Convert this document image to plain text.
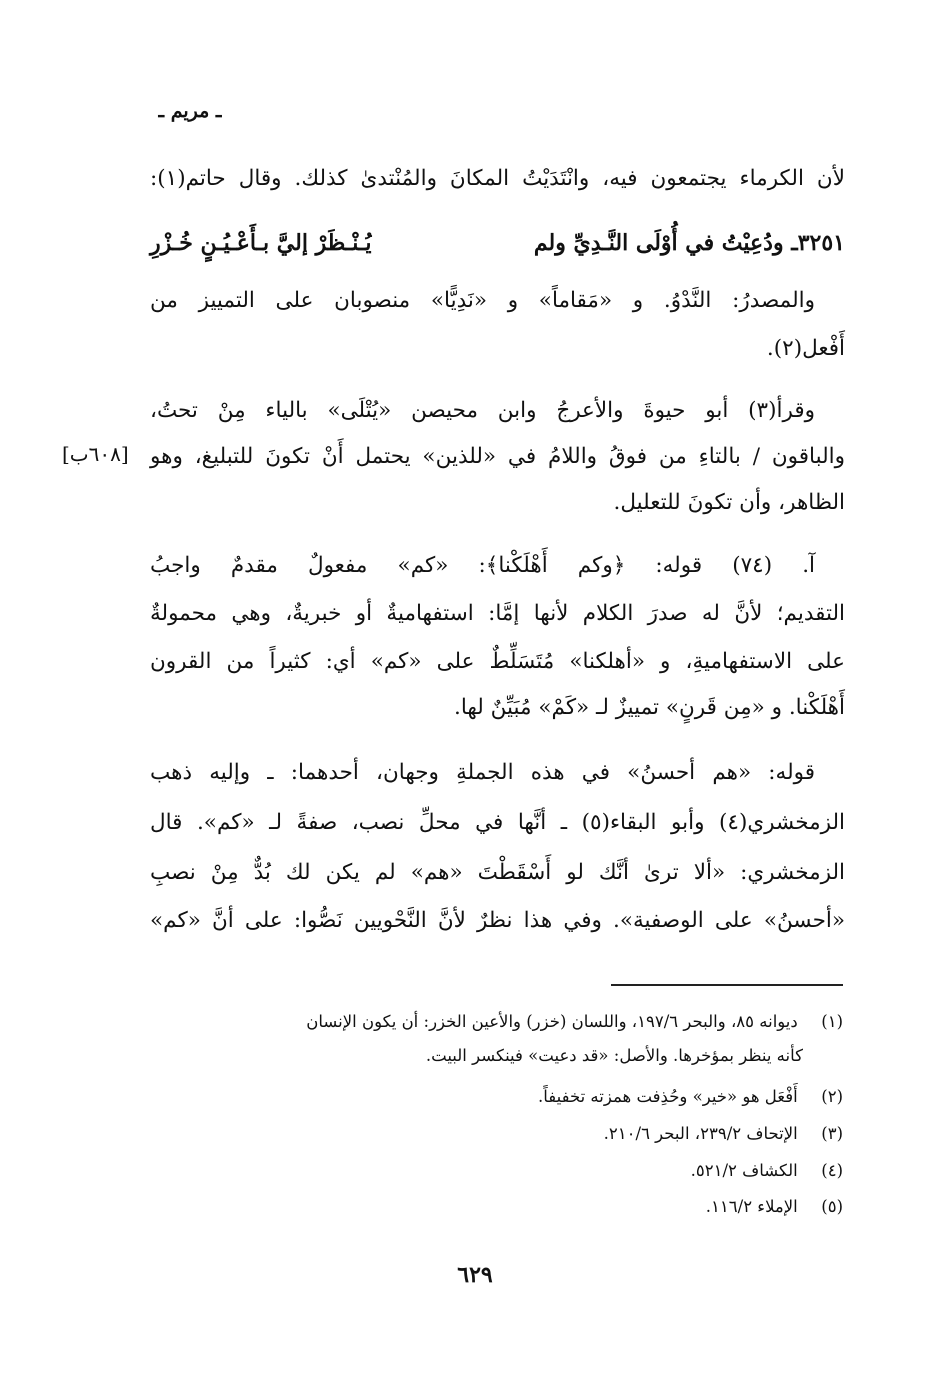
ـ مريم ـ
لأن الكرماء يجتمعون فيه، وانْتَدَيْتُ المكانَ والمُنْتدىٰ كذلك. وقال حاتم(١):
٣٢٥١ـ ودُعِيْتُ في أُوْلَى النَّـدِيِّ ولم
يُـنْـظَرْ إليَّ بـأَعْـيُـنٍ خُـزْرِ
والمصدرُ: النَّدْوُ. و «مَقاماً» و «نَدِيًّا» منصوبان على التمييز من
أَفْعل(٢).
وقرأ(٣) أبو حيوةَ والأعرجُ وابن محيصن «يُتْلَى» بالياء مِنْ تحتُ،
والباقون / بالتاءِ من فوقُ واللامُ في «للذين» يحتمل أَنْ تكونَ للتبليغ، وهو
الظاهر، وأن تكونَ للتعليل.
آ. (٧٤) قوله: ﴿وكم أَهْلَكْنا﴾: «كم» مفعولٌ مقدمٌ واجبُ
التقديم؛ لأنَّ له صدرَ الكلام لأنها إمَّا: استفهاميةٌ أو خبريةٌ، وهي محمولةٌ
على الاستفهاميةِ، و «أهلكنا» مُتَسَلِّطٌ على «كم» أي: كثيراً من القرون
أَهْلَكْنا. و «مِن قَرنٍ» تمييزٌ لـ «كَمْ» مُبَيِّنٌ لها.
قوله: «هم أحسنُ» في هذه الجملةِ وجهان، أحدهما: ـ وإليه ذهب
الزمخشري(٤) وأبو البقاء(٥) ـ أنَّها في محلِّ نصب، صفةً لـ «كم». قال
الزمخشري: «ألا ترىٰ أنَّك لو أَسْقَطْتَ «هم» لم يكن لك بُدٌّ مِنْ نصبِ
«أحسنُ» على الوصفية». وفي هذا نظرٌ لأنَّ النَّحْويين نَصُّوا: على أنَّ «كم»
[٦٠٨ب]
(١) ديوانه ٨٥، والبحر ١٩٧/٦، واللسان (خزر) والأعين الخزر: أن يكون الإنسان
كأنه ينظر بمؤخرها. والأصل: «قد دعيت» فينكسر البيت.
(٢) أَفْعَل هو «خير» وحُذِفت همزته تخفيفاً.
(٣) الإتحاف ٢٣٩/٢، البحر ٢١٠/٦.
(٤) الكشاف ٥٢١/٢.
(٥) الإملاء ١١٦/٢.
٦٢٩
